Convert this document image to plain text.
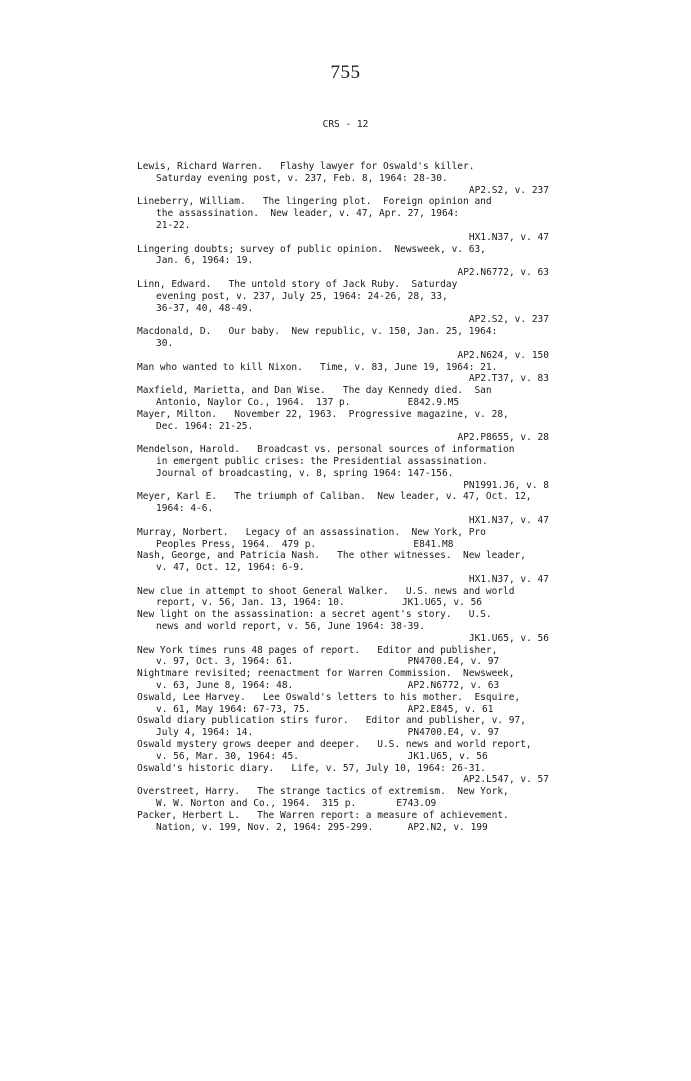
755
CRS - 12
Lewis, Richard Warren.   Flashy lawyer for Oswald's killer.
Saturday evening post, v. 237, Feb. 8, 1964: 28-30.
AP2.S2, v. 237
Lineberry, William.   The lingering plot.  Foreign opinion and
the assassination.  New leader, v. 47, Apr. 27, 1964:
21-22.
HX1.N37, v. 47
Lingering doubts; survey of public opinion.  Newsweek, v. 63,
Jan. 6, 1964: 19.
AP2.N6772, v. 63
Linn, Edward.   The untold story of Jack Ruby.  Saturday
evening post, v. 237, July 25, 1964: 24-26, 28, 33,
36-37, 40, 48-49.
AP2.S2, v. 237
Macdonald, D.   Our baby.  New republic, v. 150, Jan. 25, 1964:
30.
AP2.N624, v. 150
Man who wanted to kill Nixon.   Time, v. 83, June 19, 1964: 21.
AP2.T37, v. 83
Maxfield, Marietta, and Dan Wise.   The day Kennedy died.  San
Antonio, Naylor Co., 1964.  137 p.          E842.9.M5
Mayer, Milton.   November 22, 1963.  Progressive magazine, v. 28,
Dec. 1964: 21-25.
AP2.P8655, v. 28
Mendelson, Harold.   Broadcast vs. personal sources of information
in emergent public crises: the Presidential assassination.
Journal of broadcasting, v. 8, spring 1964: 147-156.
PN1991.J6, v. 8
Meyer, Karl E.   The triumph of Caliban.  New leader, v. 47, Oct. 12,
1964: 4-6.
HX1.N37, v. 47
Murray, Norbert.   Legacy of an assassination.  New York, Pro
Peoples Press, 1964.  479 p.                 E841.M8
Nash, George, and Patricia Nash.   The other witnesses.  New leader,
v. 47, Oct. 12, 1964: 6-9.
HX1.N37, v. 47
New clue in attempt to shoot General Walker.   U.S. news and world
report, v. 56, Jan. 13, 1964: 10.          JK1.U65, v. 56
New light on the assassination: a secret agent's story.   U.S.
news and world report, v. 56, June 1964: 38-39.
JK1.U65, v. 56
New York times runs 48 pages of report.   Editor and publisher,
v. 97, Oct. 3, 1964: 61.                    PN4700.E4, v. 97
Nightmare revisited; reenactment for Warren Commission.  Newsweek,
v. 63, June 8, 1964: 48.                    AP2.N6772, v. 63
Oswald, Lee Harvey.   Lee Oswald's letters to his mother.  Esquire,
v. 61, May 1964: 67-73, 75.                 AP2.E845, v. 61
Oswald diary publication stirs furor.   Editor and publisher, v. 97,
July 4, 1964: 14.                           PN4700.E4, v. 97
Oswald mystery grows deeper and deeper.   U.S. news and world report,
v. 56, Mar. 30, 1964: 45.                   JK1.U65, v. 56
Oswald's historic diary.   Life, v. 57, July 10, 1964: 26-31.
AP2.L547, v. 57
Overstreet, Harry.   The strange tactics of extremism.  New York,
W. W. Norton and Co., 1964.  315 p.       E743.O9
Packer, Herbert L.   The Warren report: a measure of achievement.
Nation, v. 199, Nov. 2, 1964: 295-299.      AP2.N2, v. 199
